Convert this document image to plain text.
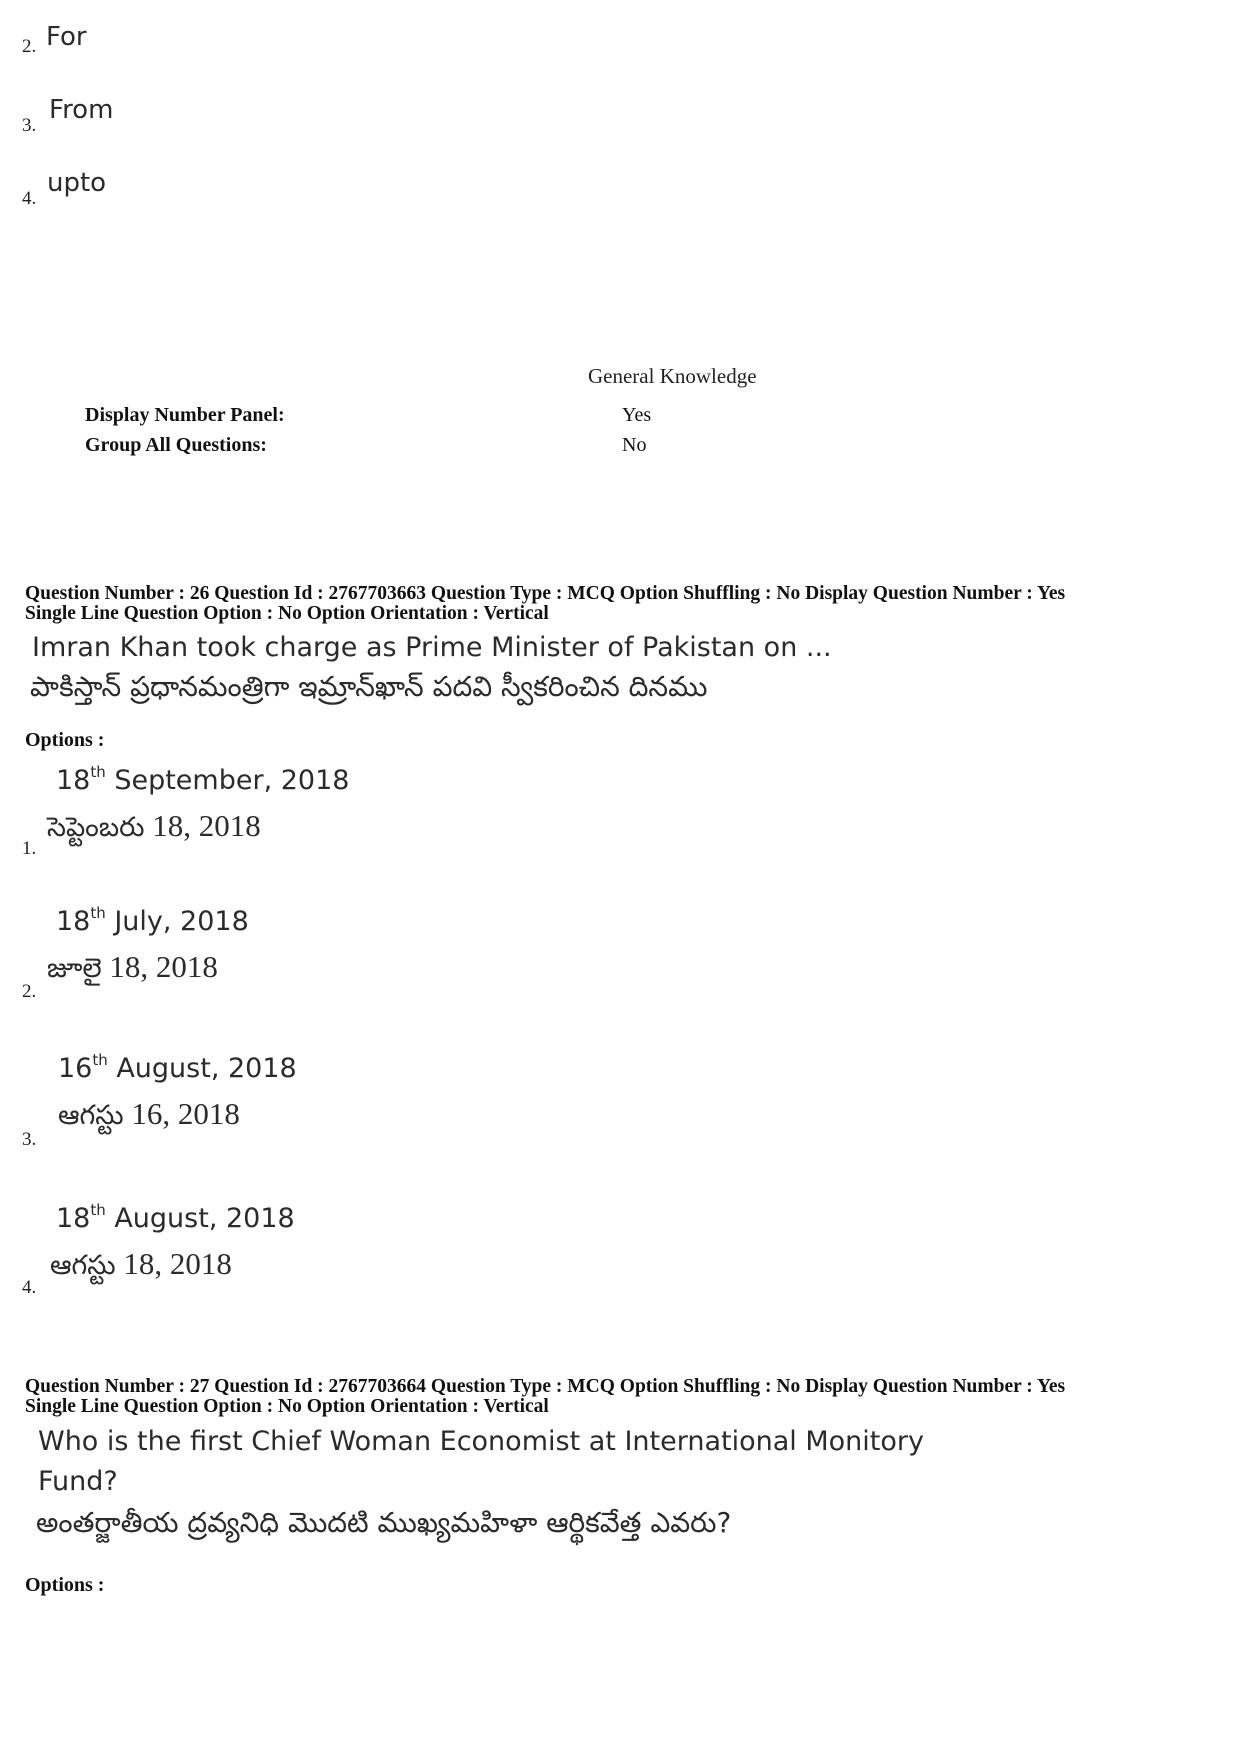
2. For
3.
From
4.
upto
General Knowledge
Display Number Panel:	Yes
Group All Questions:	No
Question Number : 26 Question Id : 2767703663 Question Type : MCQ Option Shuffling : No Display Question Number : Yes
Single Line Question Option : No Option Orientation : Vertical
Imran Khan took charge as Prime Minister of Pakistan on ...
పాకిస్తాన్ ప్రధానమంత్రిగా ఇమ్రాన్‌ఖాన్ పదవి స్వీకరించిన దినము
Options :
18th September, 2018
సెప్టెంబరు 18, 2018
1.
18th July, 2018
జూలై 18, 2018
2.
16th August, 2018
ఆగస్టు 16, 2018
3.
18th August, 2018
ఆగస్టు 18, 2018
4.
Question Number : 27 Question Id : 2767703664 Question Type : MCQ Option Shuffling : No Display Question Number : Yes
Single Line Question Option : No Option Orientation : Vertical
Who is the first Chief Woman Economist at International Monitory
Fund?
అంతర్జాతీయ ద్రవ్యనిధి మొదటి ముఖ్యమహిళా ఆర్థికవేత్త ఎవరు?
Options :
